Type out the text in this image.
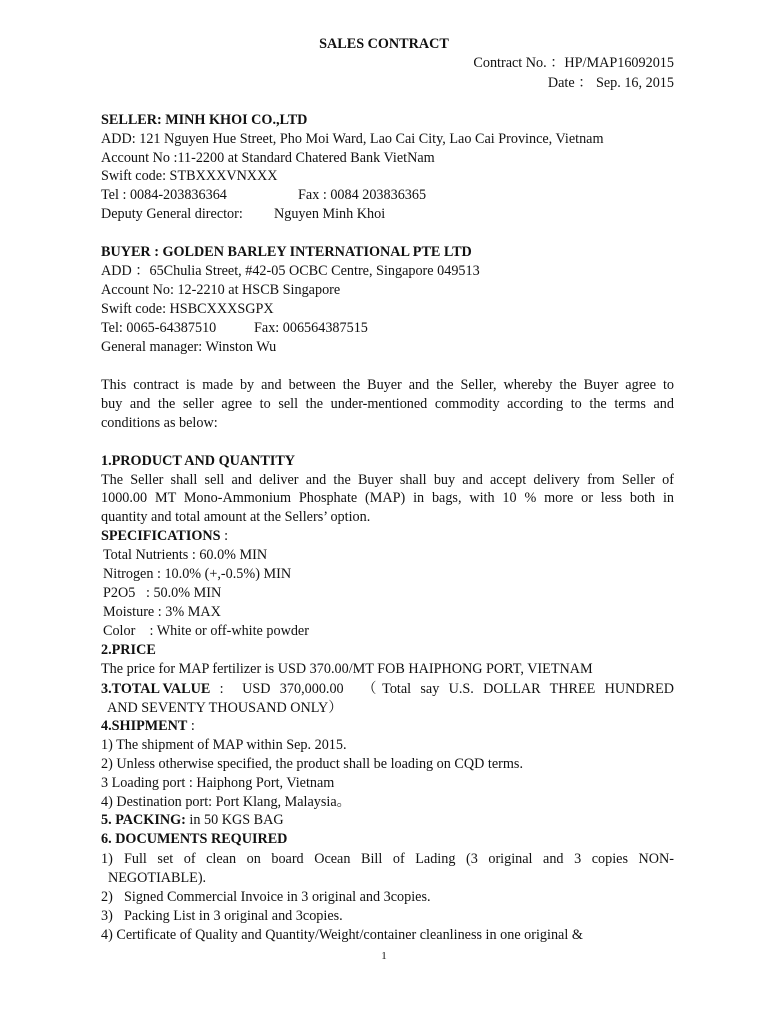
SALES CONTRACT
Contract No. ：HP/MAP16092015
Date ： Sep. 16, 2015
SELLER: MINH KHOI CO.,LTD
ADD: 121 Nguyen Hue Street, Pho Moi Ward, Lao Cai City, Lao Cai Province, Vietnam
Account No :11-2200 at Standard Chatered Bank VietNam
Swift code: STBXXXVNXXX
Tel : 0084-203836364	Fax : 0084 203836365
Deputy General director: Nguyen Minh Khoi
BUYER : GOLDEN BARLEY INTERNATIONAL PTE LTD
ADD ：65Chulia Street, #42-05 OCBC Centre, Singapore 049513
Account No: 12-2210 at HSCB Singapore
Swift code: HSBCXXXSGPX
Tel: 0065-64387510	Fax: 006564387515
General manager: Winston Wu
This contract is made by and between the Buyer and the Seller, whereby the Buyer agree to
buy and the seller agree to sell the under-mentioned commodity according to the terms and
conditions as below:
1.PRODUCT AND QUANTITY
The Seller shall sell and deliver and the Buyer shall buy and accept delivery from Seller of
1000.00 MT Mono-Ammonium Phosphate (MAP) in bags, with 10 % more or less both in
quantity and total amount at the Sellers’ option.
SPECIFICATIONS :
Total Nutrients : 60.0% MIN
Nitrogen : 10.0% (+,-0.5%) MIN
P2O5   : 50.0% MIN
Moisture : 3% MAX
Color    : White or off-white powder
2.PRICE
The price for MAP fertilizer is USD 370.00/MT FOB HAIPHONG PORT, VIETNAM
3.TOTAL VALUE :  USD 370,000.00  （Total say U.S. DOLLAR THREE HUNDRED
AND SEVENTY THOUSAND ONLY）
4.SHIPMENT :
1) The shipment of MAP within Sep. 2015.
2) Unless otherwise specified, the product shall be loading on CQD terms.
3 Loading port : Haiphong Port, Vietnam
4) Destination port: Port Klang, Malaysia。
5. PACKING: in 50 KGS BAG
6. DOCUMENTS REQUIRED
1) Full set of clean on board Ocean Bill of Lading (3 original and 3 copies NON-
NEGOTIABLE).
2) Signed Commercial Invoice in 3 original and 3copies.
3) Packing List in 3 original and 3copies.
4) Certificate of Quality and Quantity/Weight/container cleanliness in one original &
1
